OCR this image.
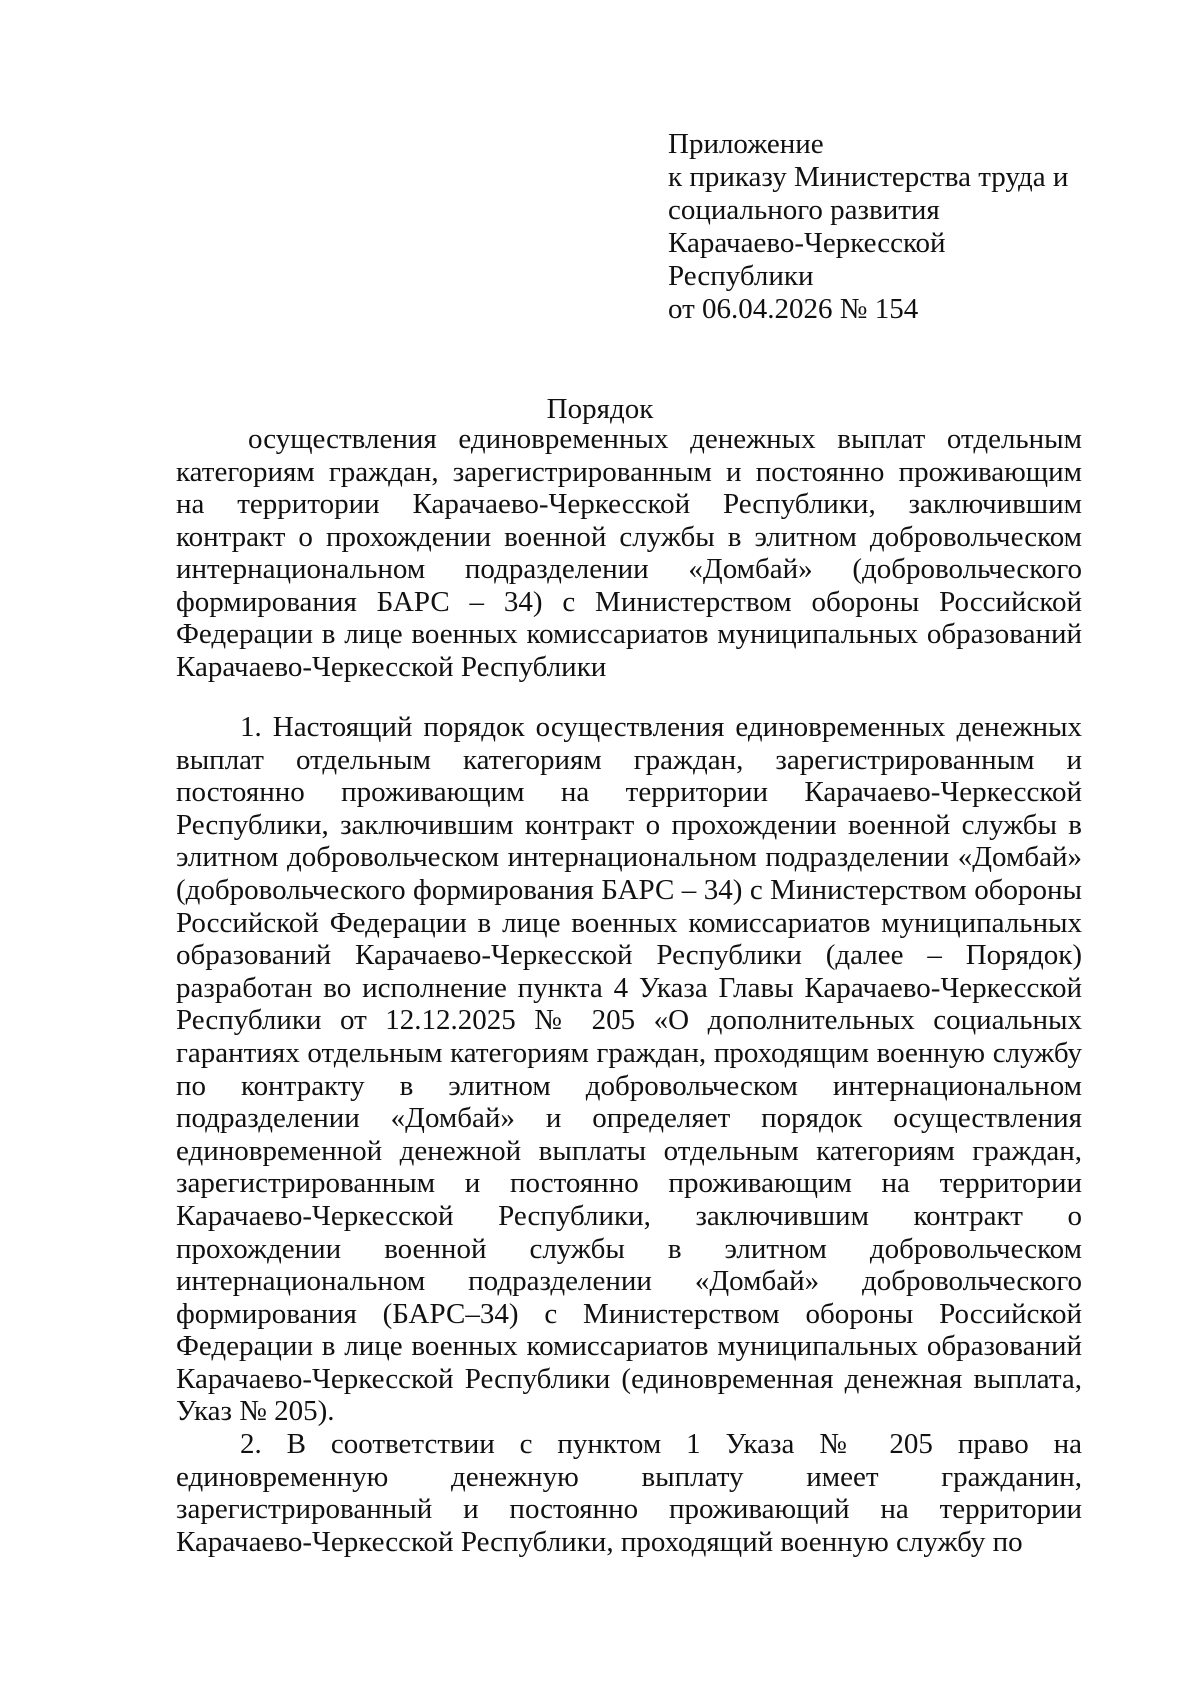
Приложение
к приказу Министерства труда и
социального развития
Карачаево-Черкесской
Республики
от 06.04.2026 № 154
Порядок
осуществления единовременных денежных выплат отдельным категориям граждан, зарегистрированным и постоянно проживающим на территории Карачаево-Черкесской Республики, заключившим контракт о прохождении военной службы в элитном добровольческом интернациональном подразделении «Домбай» (добровольческого формирования БАРС – 34) с Министерством обороны Российской Федерации в лице военных комиссариатов муниципальных образований Карачаево-Черкесской Республики

1. Настоящий порядок осуществления единовременных денежных выплат отдельным категориям граждан, зарегистрированным и постоянно проживающим на территории Карачаево-Черкесской Республики, заключившим контракт о прохождении военной службы в элитном добровольческом интернациональном подразделении «Домбай» (добровольческого формирования БАРС – 34) с Министерством обороны Российской Федерации в лице военных комиссариатов муниципальных образований Карачаево-Черкесской Республики (далее – Порядок) разработан во исполнение пункта 4 Указа Главы Карачаево-Черкесской Республики от 12.12.2025 № 205 «О дополнительных социальных гарантиях отдельным категориям граждан, проходящим военную службу по контракту в элитном добровольческом интернациональном подразделении «Домбай» и определяет порядок осуществления единовременной денежной выплаты отдельным категориям граждан, зарегистрированным и постоянно проживающим на территории Карачаево-Черкесской Республики, заключившим контракт о прохождении военной службы в элитном добровольческом интернациональном подразделении «Домбай» добровольческого формирования (БАРС–34) с Министерством обороны Российской Федерации в лице военных комиссариатов муниципальных образований Карачаево-Черкесской Республики (единовременная денежная выплата, Указ № 205).

2. В соответствии с пунктом 1 Указа № 205 право на единовременную денежную выплату имеет гражданин, зарегистрированный и постоянно проживающий на территории Карачаево-Черкесской Республики, проходящий военную службу по
